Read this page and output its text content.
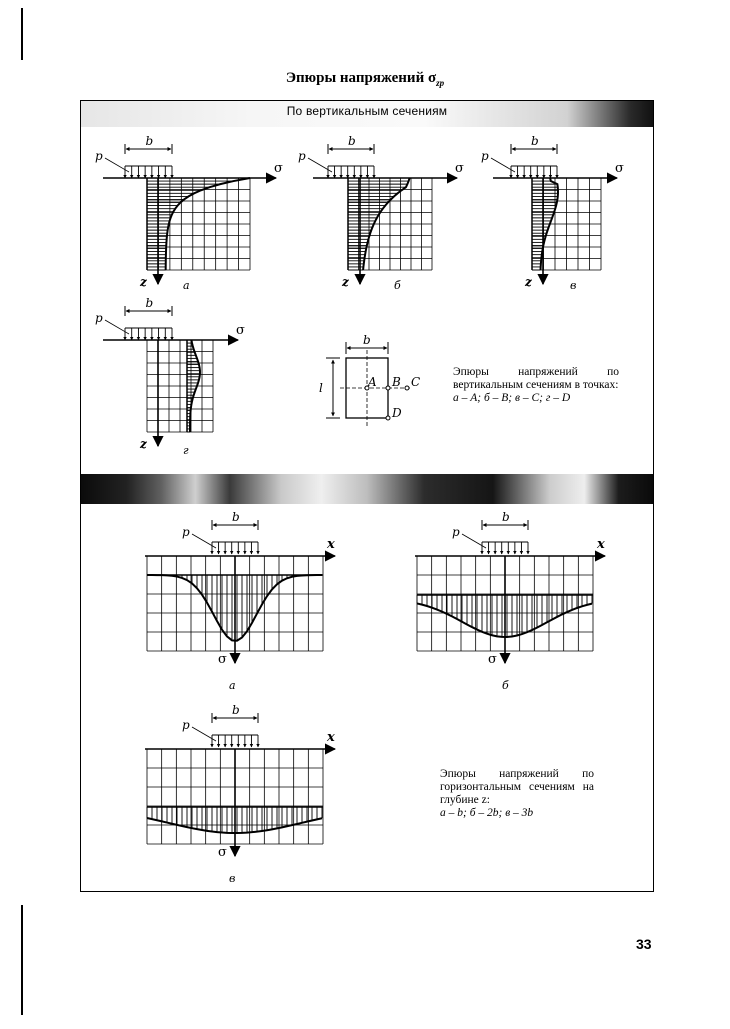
Эпюры напряжений $\sigma_{zp}$
По вертикальным сечениям
σ
z
b
p
а
σ
z
b
p
б
σ
z
b
p
в
σ
z
b
p
г
b
l	A B C
D
x
σ
b
p
а
x
σ
b
p
б
x
σ
b
p
в
Эпюры напряжений по вертикальным сечениям в точках:
а – A; б – B; в – C; г – D
Эпюры напряжений по горизонтальным сечениям на глубине z:
а – b; б – 2b; в – 3b
33
